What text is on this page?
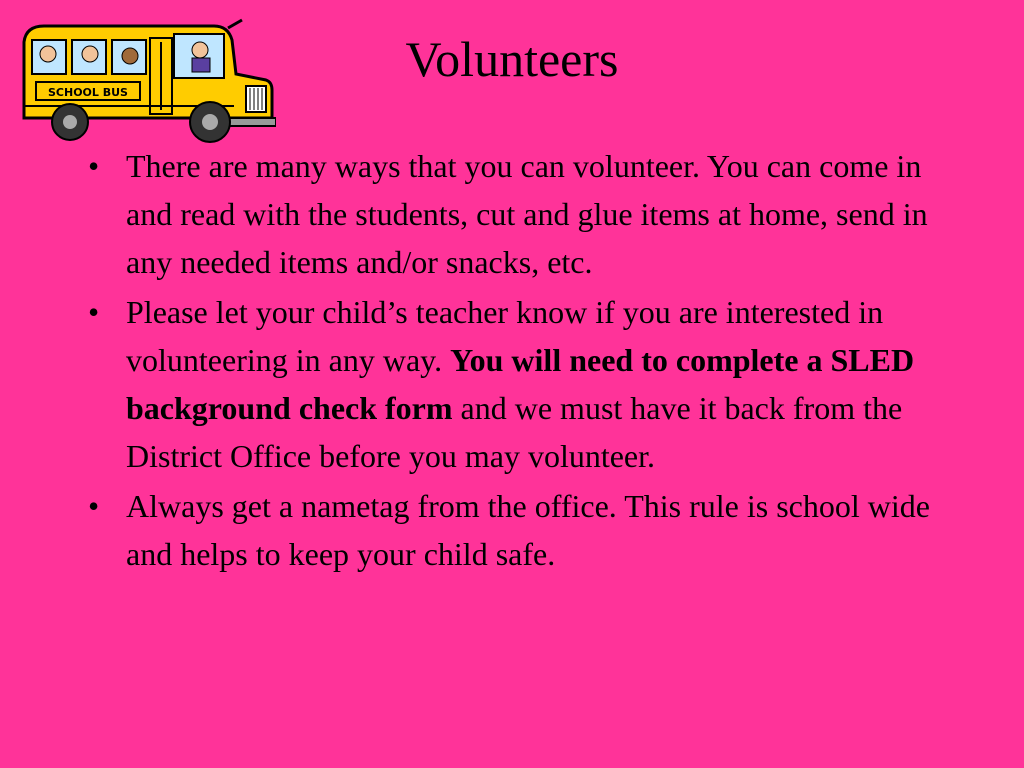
SCHOOL BUS
Volunteers
• There are many ways that you can volunteer. You can come in and read with the students, cut and glue items at home, send in any needed items and/or snacks, etc.
• Please let your child’s teacher know if you are interested in volunteering in any way. You will need to complete a SLED background check form and we must have it back from the District Office before you may volunteer.
• Always get a nametag from the office. This rule is school wide and helps to keep your child safe.
